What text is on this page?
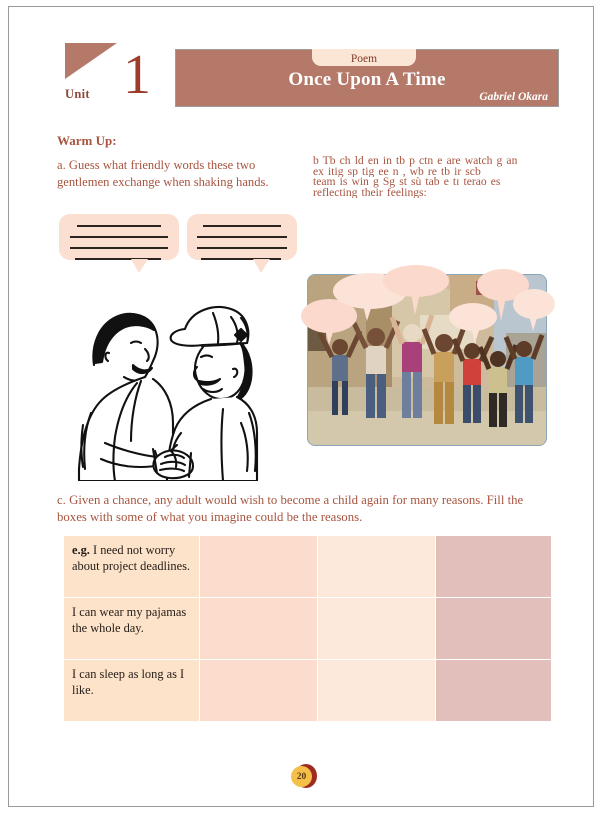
Unit 1	Poem
Once Upon A Time
Gabriel Okara
Warm Up:
a. Guess what friendly words these two gentlemen exchange when shaking hands.
b Tb ch ld en in tb p ctn e are watch g an
ex itig sp tig ee n , wb re tb ir scb
team is win g Sg st sù tab e tɪ terao es
reflecting their feelings:
c. Given a chance, any adult would wish to become a child again for many reasons. Fill the boxes with some of what you imagine could be the reasons.
e.g. I need not worry about project deadlines.			
I can wear my pajamas the whole day.			
I can sleep as long as I like.			
20
